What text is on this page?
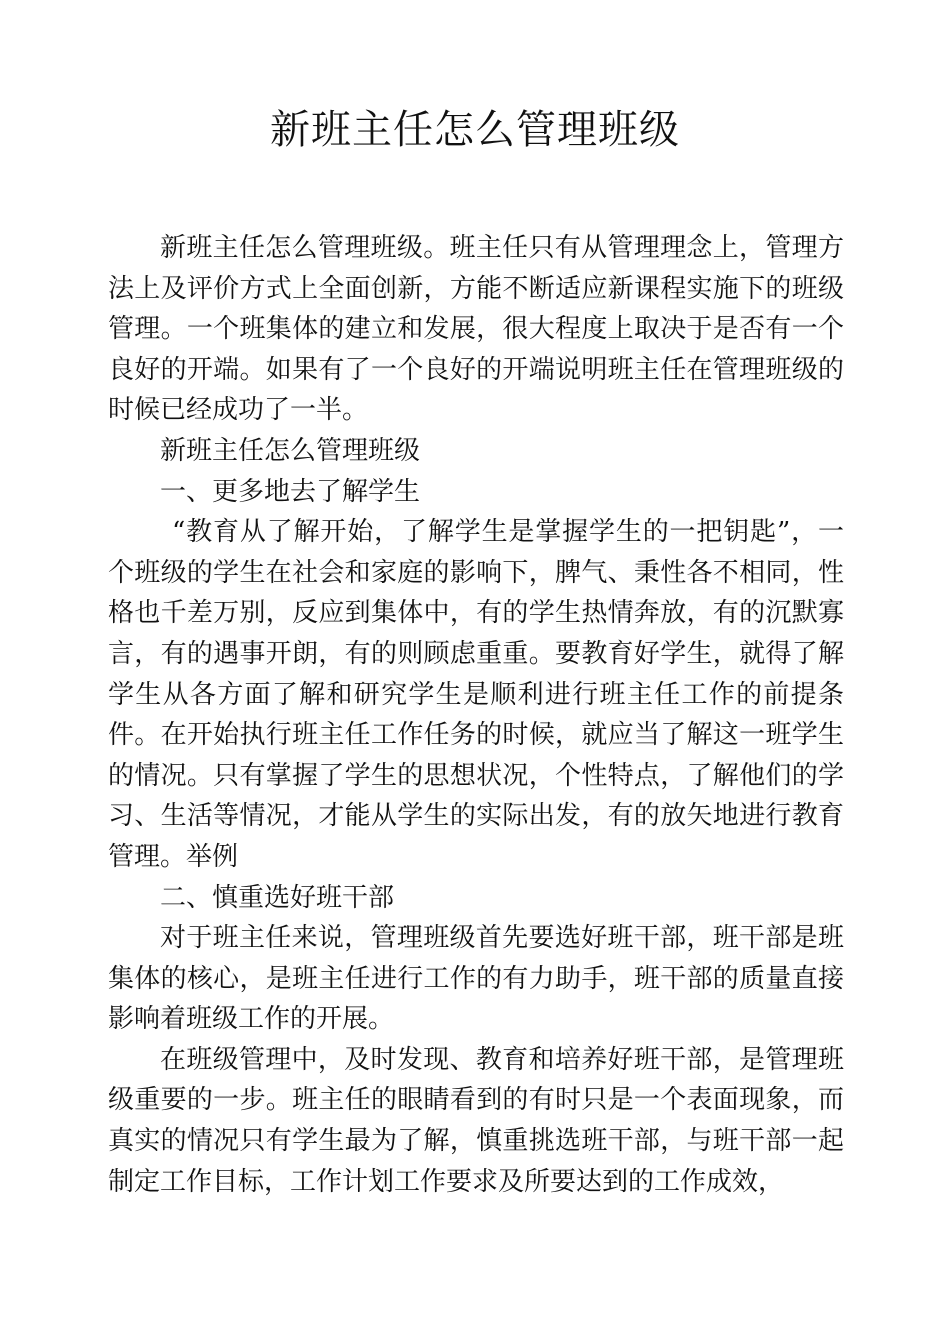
新班主任怎么管理班级

新班主任怎么管理班级。班主任只有从管理理念上，管理方法上及评价方式上全面创新，方能不断适应新课程实施下的班级管理。一个班集体的建立和发展，很大程度上取决于是否有一个良好的开端。如果有了一个良好的开端说明班主任在管理班级的时候已经成功了一半。

新班主任怎么管理班级

一、更多地去了解学生

“教育从了解开始，了解学生是掌握学生的一把钥匙”，一个班级的学生在社会和家庭的影响下，脾气、秉性各不相同，性格也千差万别，反应到集体中，有的学生热情奔放，有的沉默寡言，有的遇事开朗，有的则顾虑重重。要教育好学生，就得了解学生从各方面了解和研究学生是顺利进行班主任工作的前提条件。在开始执行班主任工作任务的时候，就应当了解这一班学生的情况。只有掌握了学生的思想状况，个性特点，了解他们的学习、生活等情况，才能从学生的实际出发，有的放矢地进行教育管理。举例

二、慎重选好班干部

对于班主任来说，管理班级首先要选好班干部，班干部是班集体的核心，是班主任进行工作的有力助手，班干部的质量直接影响着班级工作的开展。

在班级管理中，及时发现、教育和培养好班干部，是管理班级重要的一步。班主任的眼睛看到的有时只是一个表面现象，而真实的情况只有学生最为了解，慎重挑选班干部，与班干部一起制定工作目标，工作计划工作要求及所要达到的工作成效，
